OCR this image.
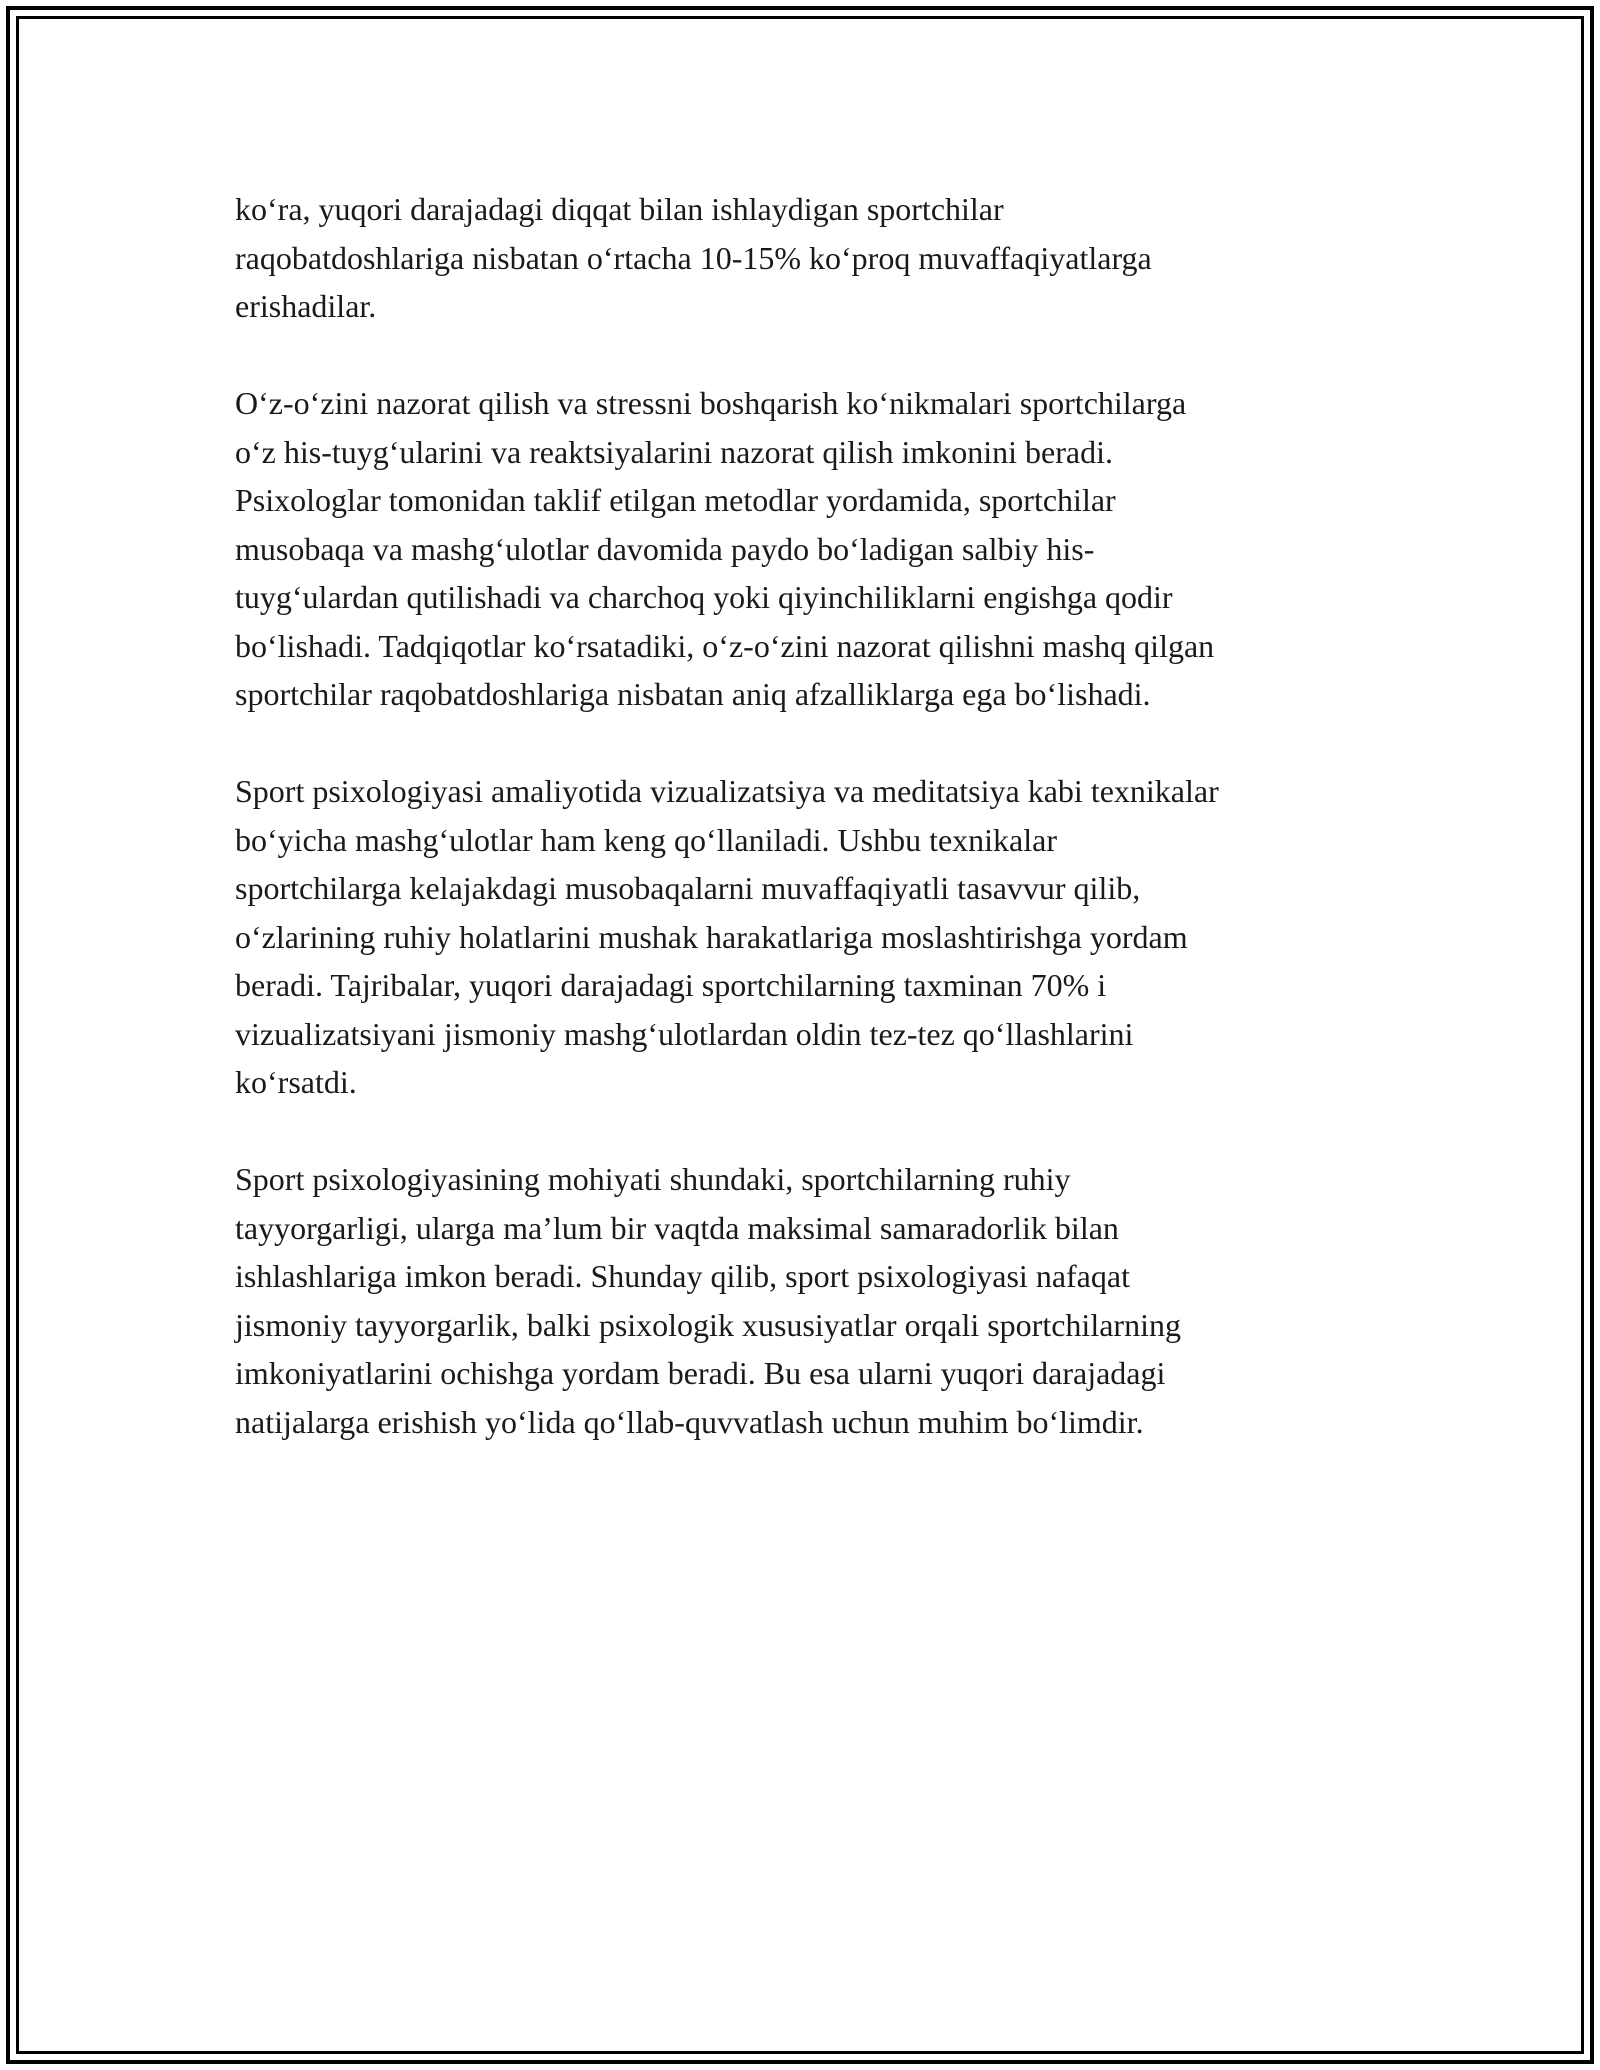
ko‘ra, yuqori darajadagi diqqat bilan ishlaydigan sportchilar
raqobatdoshlariga nisbatan o‘rtacha 10-15% ko‘proq muvaffaqiyatlarga
erishadilar.

O‘z-o‘zini nazorat qilish va stressni boshqarish ko‘nikmalari sportchilarga
o‘z his-tuyg‘ularini va reaktsiyalarini nazorat qilish imkonini beradi.
Psixologlar tomonidan taklif etilgan metodlar yordamida, sportchilar
musobaqa va mashg‘ulotlar davomida paydo bo‘ladigan salbiy his-
tuyg‘ulardan qutilishadi va charchoq yoki qiyinchiliklarni engishga qodir
bo‘lishadi. Tadqiqotlar ko‘rsatadiki, o‘z-o‘zini nazorat qilishni mashq qilgan
sportchilar raqobatdoshlariga nisbatan aniq afzalliklarga ega bo‘lishadi.

Sport psixologiyasi amaliyotida vizualizatsiya va meditatsiya kabi texnikalar
bo‘yicha mashg‘ulotlar ham keng qo‘llaniladi. Ushbu texnikalar
sportchilarga kelajakdagi musobaqalarni muvaffaqiyatli tasavvur qilib,
o‘zlarining ruhiy holatlarini mushak harakatlariga moslashtirishga yordam
beradi. Tajribalar, yuqori darajadagi sportchilarning taxminan 70% i
vizualizatsiyani jismoniy mashg‘ulotlardan oldin tez-tez qo‘llashlarini
ko‘rsatdi.

Sport psixologiyasining mohiyati shundaki, sportchilarning ruhiy
tayyorgarligi, ularga ma’lum bir vaqtda maksimal samaradorlik bilan
ishlashlariga imkon beradi. Shunday qilib, sport psixologiyasi nafaqat
jismoniy tayyorgarlik, balki psixologik xususiyatlar orqali sportchilarning
imkoniyatlarini ochishga yordam beradi. Bu esa ularni yuqori darajadagi
natijalarga erishish yo‘lida qo‘llab-quvvatlash uchun muhim bo‘limdir.
